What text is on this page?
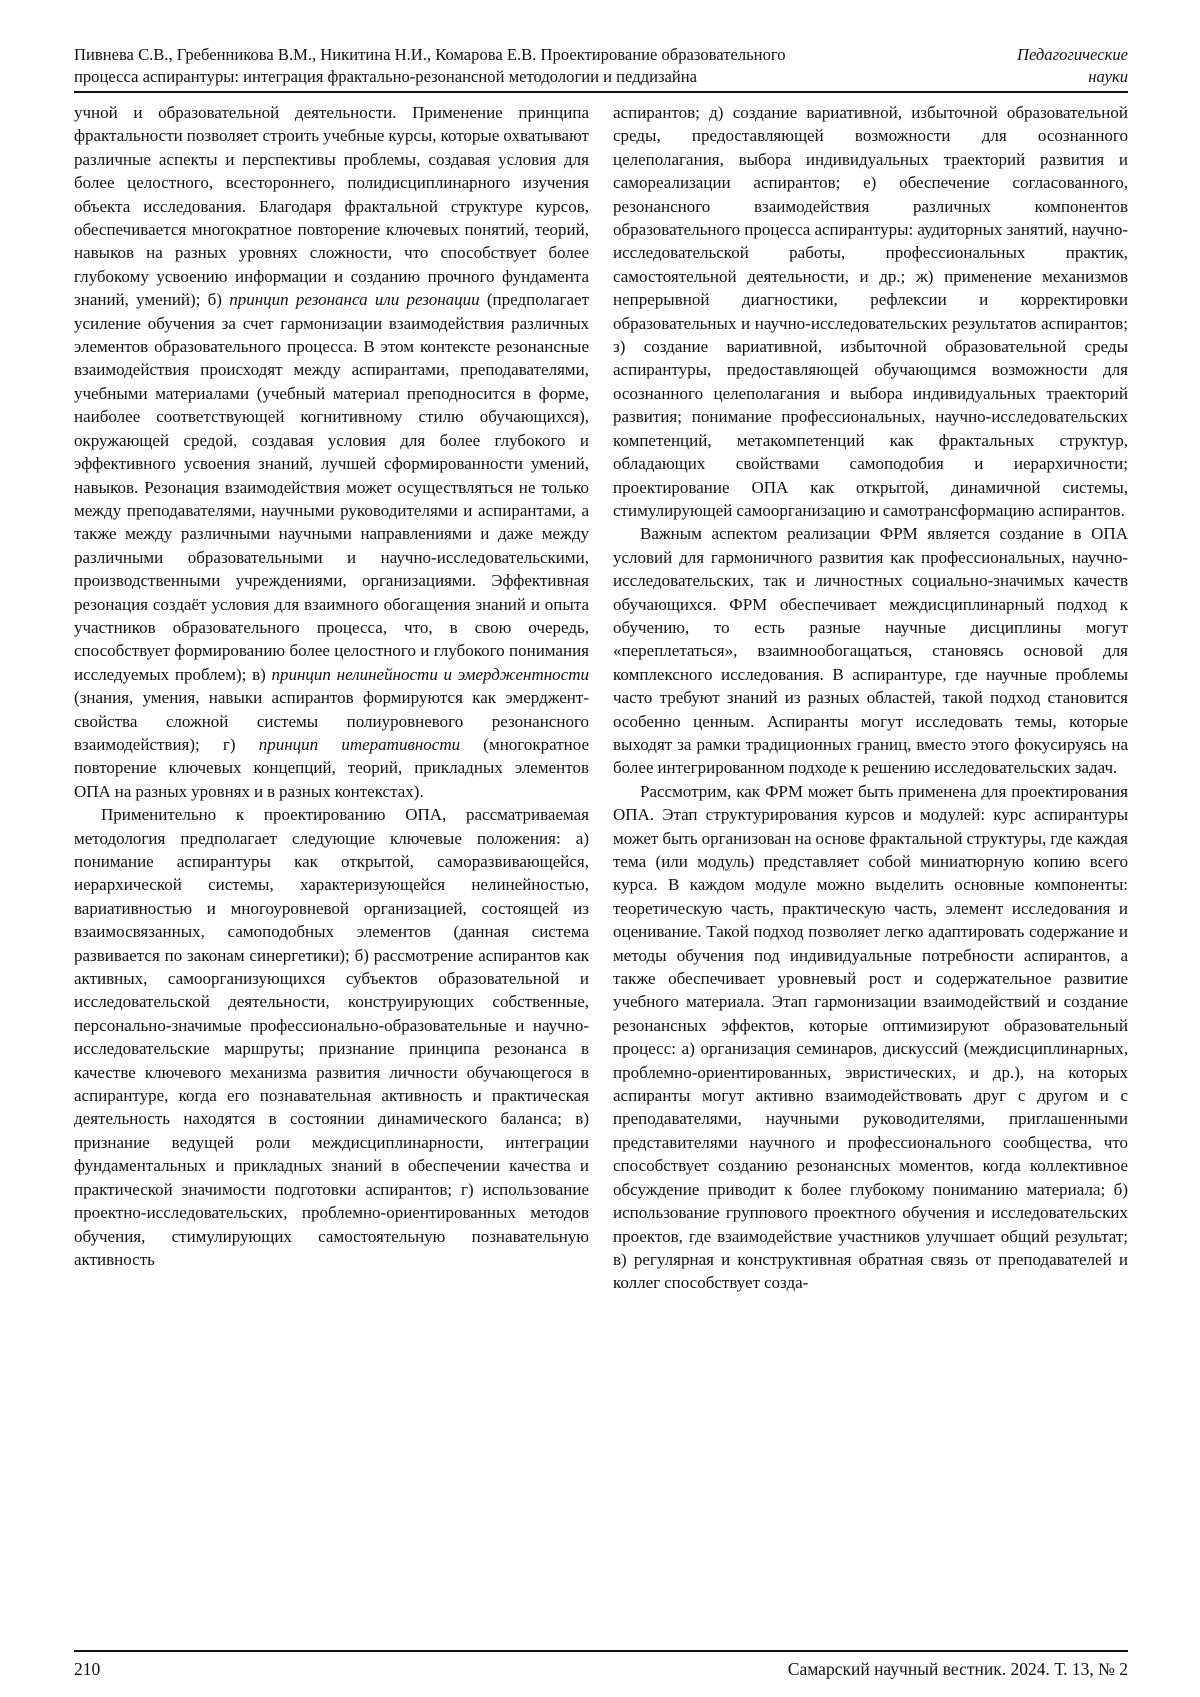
Пивнева С.В., Гребенникова В.М., Никитина Н.И., Комарова Е.В. Проектирование образовательного
процесса аспирантуры: интеграция фрактально-резонансной методологии и педдизайна
Педагогические
науки

учной и образовательной деятельности. Применение принципа фрактальности позволяет строить учебные курсы, которые охватывают различные аспекты и перспективы проблемы, создавая условия для более целостного, всестороннего, полидисциплинарного изучения объекта исследования. Благодаря фрактальной структуре курсов, обеспечивается многократное повторение ключевых понятий, теорий, навыков на разных уровнях сложности, что способствует более глубокому усвоению информации и созданию прочного фундамента знаний, умений); б) принцип резонанса или резонации (предполагает усиление обучения за счет гармонизации взаимодействия различных элементов образовательного процесса. В этом контексте резонансные взаимодействия происходят между аспирантами, преподавателями, учебными материалами (учебный материал преподносится в форме, наиболее соответствующей когнитивному стилю обучающихся), окружающей средой, создавая условия для более глубокого и эффективного усвоения знаний, лучшей сформированности умений, навыков. Резонация взаимодействия может осуществляться не только между преподавателями, научными руководителями и аспирантами, а также между различными научными направлениями и даже между различными образовательными и научно-исследовательскими, производственными учреждениями, организациями. Эффективная резонация создаёт условия для взаимного обогащения знаний и опыта участников образовательного процесса, что, в свою очередь, способствует формированию более целостного и глубокого понимания исследуемых проблем); в) принцип нелинейности и эмерджентности (знания, умения, навыки аспирантов формируются как эмерджент-свойства сложной системы полиуровневого резонансного взаимодействия); г) принцип итеративности (многократное повторение ключевых концепций, теорий, прикладных элементов ОПА на разных уровнях и в разных контекстах).

Применительно к проектированию ОПА, рассматриваемая методология предполагает следующие ключевые положения: а) понимание аспирантуры как открытой, саморазвивающейся, иерархической системы, характеризующейся нелинейностью, вариативностью и многоуровневой организацией, состоящей из взаимосвязанных, самоподобных элементов (данная система развивается по законам синергетики); б) рассмотрение аспирантов как активных, самоорганизующихся субъектов образовательной и исследовательской деятельности, конструирующих собственные, персонально-значимые профессионально-образовательные и научно-исследовательские маршруты; признание принципа резонанса в качестве ключевого механизма развития личности обучающегося в аспирантуре, когда его познавательная активность и практическая деятельность находятся в состоянии динамического баланса; в) признание ведущей роли междисциплинарности, интеграции фундаментальных и прикладных знаний в обеспечении качества и практической значимости подготовки аспирантов; г) использование проектно-исследовательских, проблемно-ориентированных методов обучения, стимулирующих самостоятельную познавательную активность

аспирантов; д) создание вариативной, избыточной образовательной среды, предоставляющей возможности для осознанного целеполагания, выбора индивидуальных траекторий развития и самореализации аспирантов; е) обеспечение согласованного, резонансного взаимодействия различных компонентов образовательного процесса аспирантуры: аудиторных занятий, научно-исследовательской работы, профессиональных практик, самостоятельной деятельности, и др.; ж) применение механизмов непрерывной диагностики, рефлексии и корректировки образовательных и научно-исследовательских результатов аспирантов; з) создание вариативной, избыточной образовательной среды аспирантуры, предоставляющей обучающимся возможности для осознанного целеполагания и выбора индивидуальных траекторий развития; понимание профессиональных, научно-исследовательских компетенций, метакомпетенций как фрактальных структур, обладающих свойствами самоподобия и иерархичности; проектирование ОПА как открытой, динамичной системы, стимулирующей самоорганизацию и самотрансформацию аспирантов.

Важным аспектом реализации ФРМ является создание в ОПА условий для гармоничного развития как профессиональных, научно-исследовательских, так и личностных социально-значимых качеств обучающихся. ФРМ обеспечивает междисциплинарный подход к обучению, то есть разные научные дисциплины могут «переплетаться», взаимнообогащаться, становясь основой для комплексного исследования. В аспирантуре, где научные проблемы часто требуют знаний из разных областей, такой подход становится особенно ценным. Аспиранты могут исследовать темы, которые выходят за рамки традиционных границ, вместо этого фокусируясь на более интегрированном подходе к решению исследовательских задач.

Рассмотрим, как ФРМ может быть применена для проектирования ОПА. Этап структурирования курсов и модулей: курс аспирантуры может быть организован на основе фрактальной структуры, где каждая тема (или модуль) представляет собой миниатюрную копию всего курса. В каждом модуле можно выделить основные компоненты: теоретическую часть, практическую часть, элемент исследования и оценивание. Такой подход позволяет легко адаптировать содержание и методы обучения под индивидуальные потребности аспирантов, а также обеспечивает уровневый рост и содержательное развитие учебного материала. Этап гармонизации взаимодействий и создание резонансных эффектов, которые оптимизируют образовательный процесс: а) организация семинаров, дискуссий (междисциплинарных, проблемно-ориентированных, эвристических, и др.), на которых аспиранты могут активно взаимодействовать друг с другом и с преподавателями, научными руководителями, приглашенными представителями научного и профессионального сообщества, что способствует созданию резонансных моментов, когда коллективное обсуждение приводит к более глубокому пониманию материала; б) использование группового проектного обучения и исследовательских проектов, где взаимодействие участников улучшает общий результат; в) регулярная и конструктивная обратная связь от преподавателей и коллег способствует созда-

210	Самарский научный вестник. 2024. Т. 13, № 2
